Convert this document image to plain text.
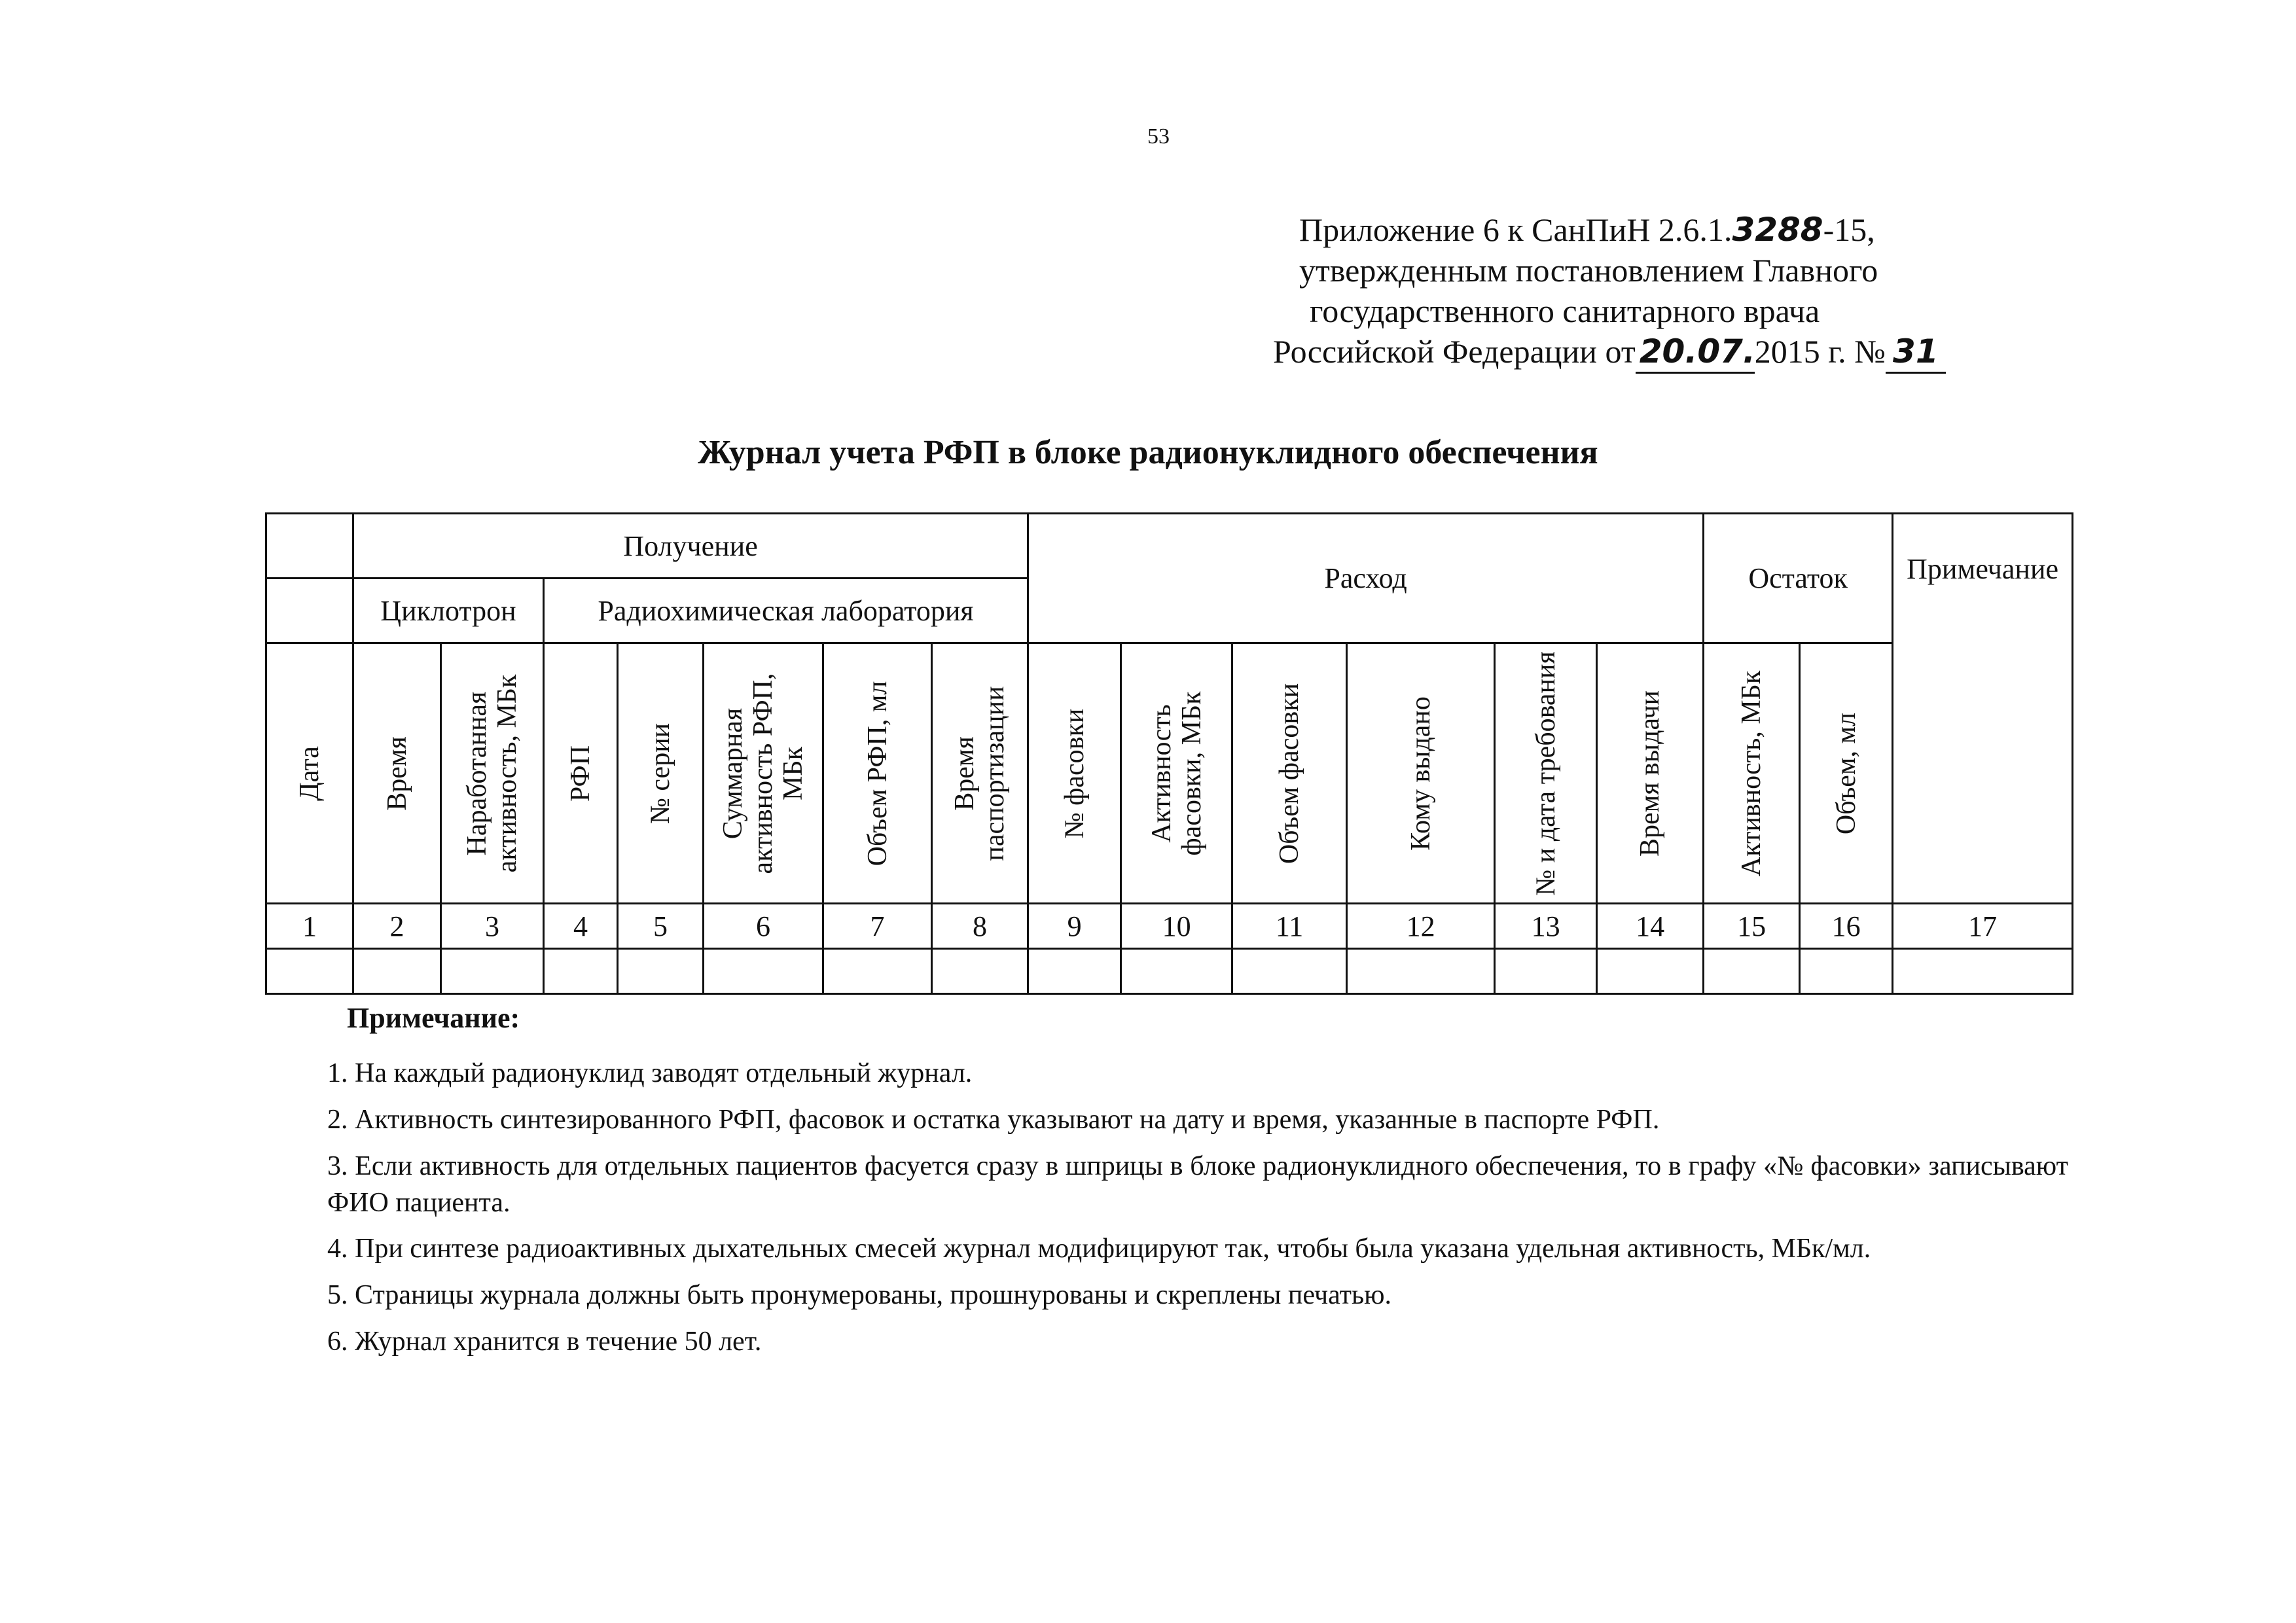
53
Приложение 6 к СанПиН 2.6.1.3288-15,
утвержденным постановлением Главного
государственного санитарного врача
Российской Федерации от 20.07.2015 г. № 31
Журнал учета РФП в блоке радионуклидного обеспечения
	Получение							Расход						Остаток		Примечание
	Циклотрон		Радиохимическая лаборатория													

Дата	Время	Наработанная активность, МБк	РФП	№ серии	Суммарная активность РФП, МБк	Объем РФП, мл	Время паспортизации	№ фасовки	Активность фасовки, МБк	Объем фасовки	Кому выдано	№ и дата требования	Время выдачи	Активность, МБк	Объем, мл	

1	2	3	4	5	6	7	8	9	10	11	12	13	14	15	16	17

Примечание:
1. На каждый радионуклид заводят отдельный журнал.
2. Активность синтезированного РФП, фасовок и остатка указывают на дату и время, указанные в паспорте РФП.
3. Если активность для отдельных пациентов фасуется сразу в шприцы в блоке радионуклидного обеспечения, то в графу «№ фасовки» записывают ФИО пациента.
4. При синтезе радиоактивных дыхательных смесей журнал модифицируют так, чтобы была указана удельная активность, МБк/мл.
5. Страницы журнала должны быть пронумерованы, прошнурованы и скреплены печатью.
6. Журнал хранится в течение 50 лет.
